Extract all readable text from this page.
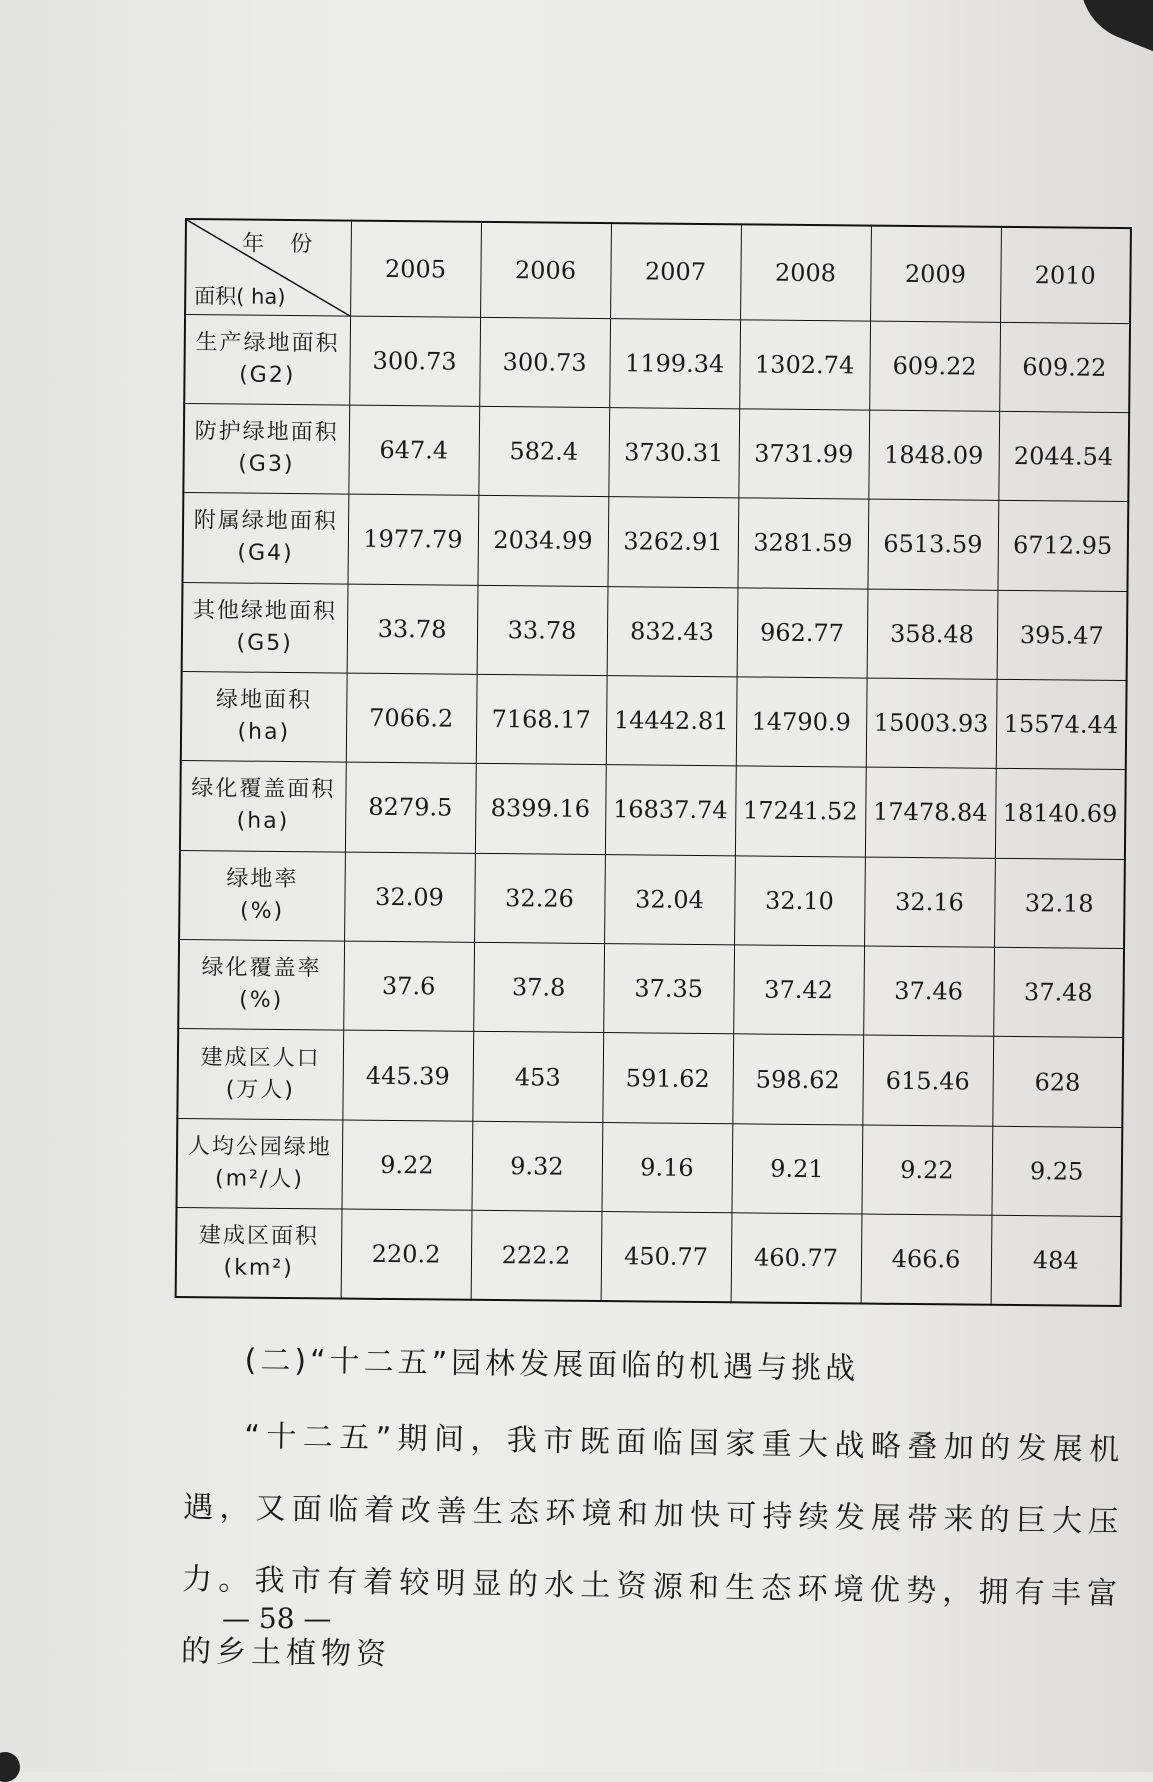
年份
面积( ha)	2005	2006	2007	2008	2009	2010

生产绿地面积
(G2)	300.73	300.73	1199.34	1302.74	609.22	609.22

防护绿地面积
(G3)	647.4	582.4	3730.31	3731.99	1848.09	2044.54

附属绿地面积
(G4)	1977.79	2034.99	3262.91	3281.59	6513.59	6712.95

其他绿地面积
(G5)	33.78	33.78	832.43	962.77	358.48	395.47

绿地面积
(ha)	7066.2	7168.17	14442.81	14790.9	15003.93	15574.44

绿化覆盖面积
(ha)	8279.5	8399.16	16837.74	17241.52	17478.84	18140.69

绿地率
(%)	32.09	32.26	32.04	32.10	32.16	32.18

绿化覆盖率
(%)	37.6	37.8	37.35	37.42	37.46	37.48

建成区人口
(万人)	445.39	453	591.62	598.62	615.46	628

人均公园绿地
(m²/人)	9.22	9.32	9.16	9.21	9.22	9.25

建成区面积
(km²)	220.2	222.2	450.77	460.77	466.6	484
(二)“十二五”园林发展面临的机遇与挑战

“十二五”期间，我市既面临国家重大战略叠加的发展机遇，又面临着改善生态环境和加快可持续发展带来的巨大压力。我市有着较明显的水土资源和生态环境优势，拥有丰富的乡土植物资

— 58 —
